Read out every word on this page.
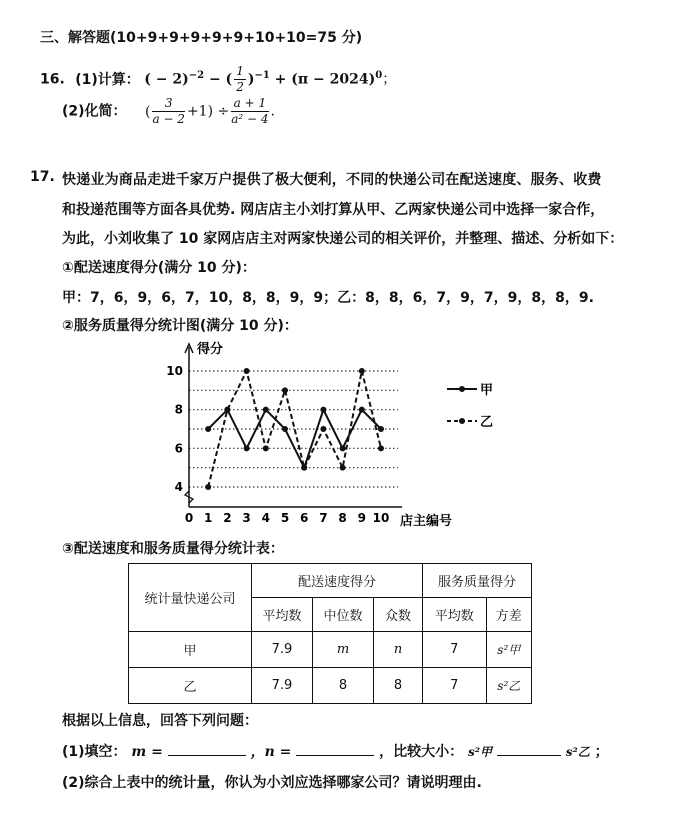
三、解答题(10+9+9+9+9+9+10+10=75 分)
16. (1)计算： ( − 2)$^{-2}$ − ( $\frac{1}{2} )^{-1} + (\pi - 2024)^0$；
(2)化简： ( $\frac{3}{a - 2} +1) \div \frac{a + 1}{\text{a² − 4}}$ .
17. 快递业为商品走进千家万户提供了极大便利，不同的快递公司在配送速度、服务、收费
和投递范围等方面各具优势. 网店店主小刘打算从甲、乙两家快递公司中选择一家合作，
为此，小刘收集了 10 家网店店主对两家快递公司的相关评价，并整理、描述、分析如下：
①配送速度得分(满分 10 分)：
甲：7，6，9，6，7，10，8，8，9，9；乙：8，8，6，7，9，7，9，8，8，9.
②服务质量得分统计图(满分 10 分)：
得分
4
6
8
10
0 1 2 3 4 5 6 7 8 9 10 店主编号
甲
乙
③配送速度和服务质量得分统计表：
统计量快递公司	配送速度得分			服务质量得分	
	平均数	中位数	众数	平均数	方差
甲	7.9	m	n	7	s²甲
乙	7.9	8	8	7	s²乙
根据以上信息，回答下列问题：
(1)填空： m =	，n =	，比较大小： s²甲	s²乙 ；
(2)综合上表中的统计量，你认为小刘应选择哪家公司？请说明理由.
